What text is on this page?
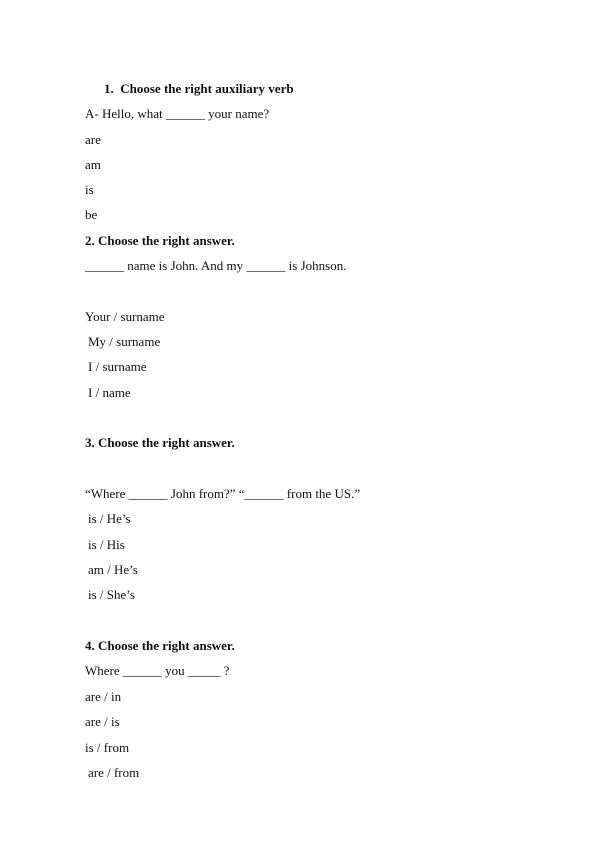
1.  Choose the right auxiliary verb
A- Hello, what ______ your name?
are
am
is
be
2. Choose the right answer.
______ name is John. And my ______ is Johnson.
Your / surname
My / surname
I / surname
I / name
3. Choose the right answer.
“Where ______ John from?” “______ from the US.”
is / He’s
is / His
am / He’s
is / She’s
4. Choose the right answer.
Where ______ you _____ ?
are / in
are / is
is / from
are / from
